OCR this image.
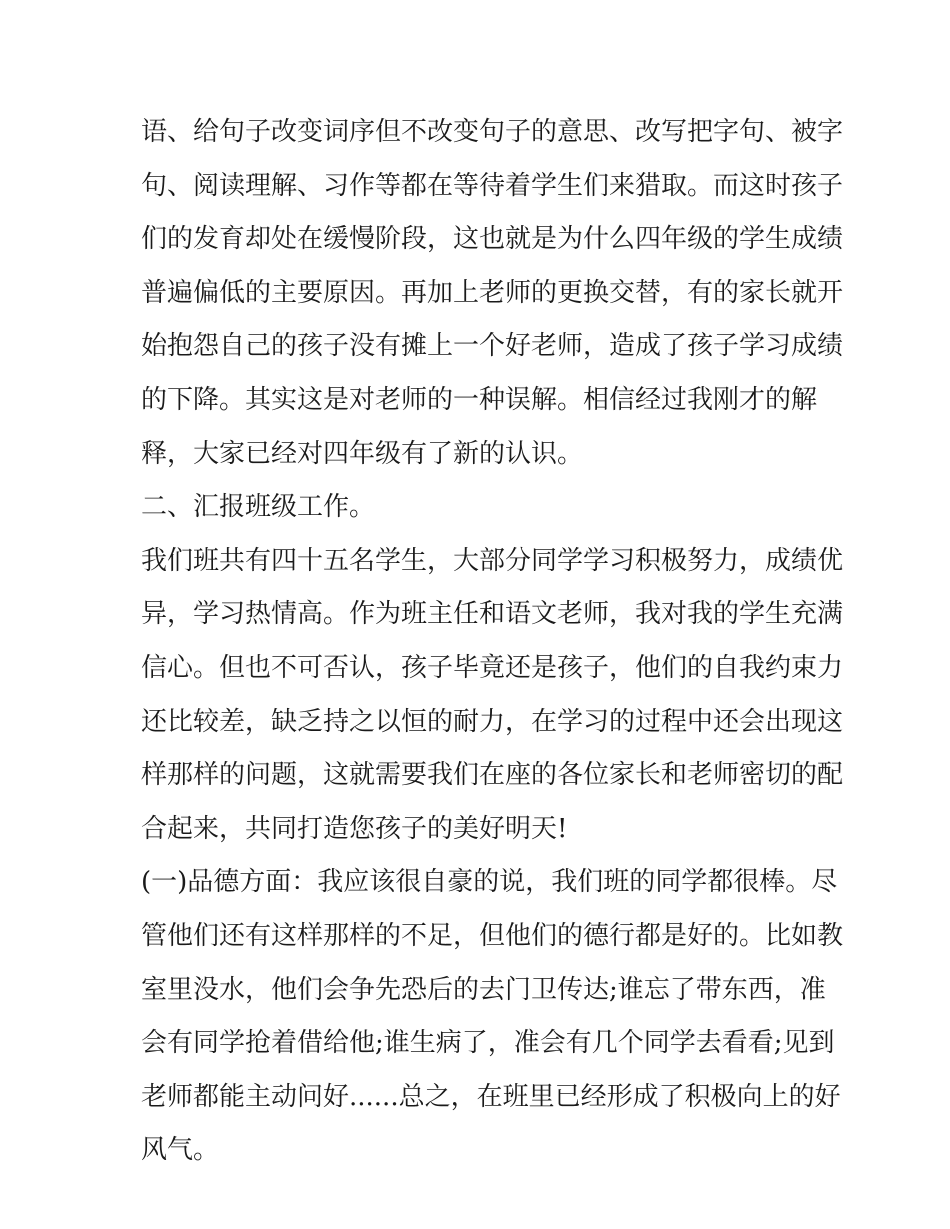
语、给句子改变词序但不改变句子的意思、改写把字句、被字
句、阅读理解、习作等都在等待着学生们来猎取。而这时孩子
们的发育却处在缓慢阶段，这也就是为什么四年级的学生成绩
普遍偏低的主要原因。再加上老师的更换交替，有的家长就开
始抱怨自己的孩子没有摊上一个好老师，造成了孩子学习成绩
的下降。其实这是对老师的一种误解。相信经过我刚才的解
释，大家已经对四年级有了新的认识。
二、汇报班级工作。
我们班共有四十五名学生，大部分同学学习积极努力，成绩优
异，学习热情高。作为班主任和语文老师，我对我的学生充满
信心。但也不可否认，孩子毕竟还是孩子，他们的自我约束力
还比较差，缺乏持之以恒的耐力，在学习的过程中还会出现这
样那样的问题，这就需要我们在座的各位家长和老师密切的配
合起来，共同打造您孩子的美好明天!
(一)品德方面：我应该很自豪的说，我们班的同学都很棒。尽
管他们还有这样那样的不足，但他们的德行都是好的。比如教
室里没水，他们会争先恐后的去门卫传达;谁忘了带东西，准
会有同学抢着借给他;谁生病了，准会有几个同学去看看;见到
老师都能主动问好......总之，在班里已经形成了积极向上的好
风气。
